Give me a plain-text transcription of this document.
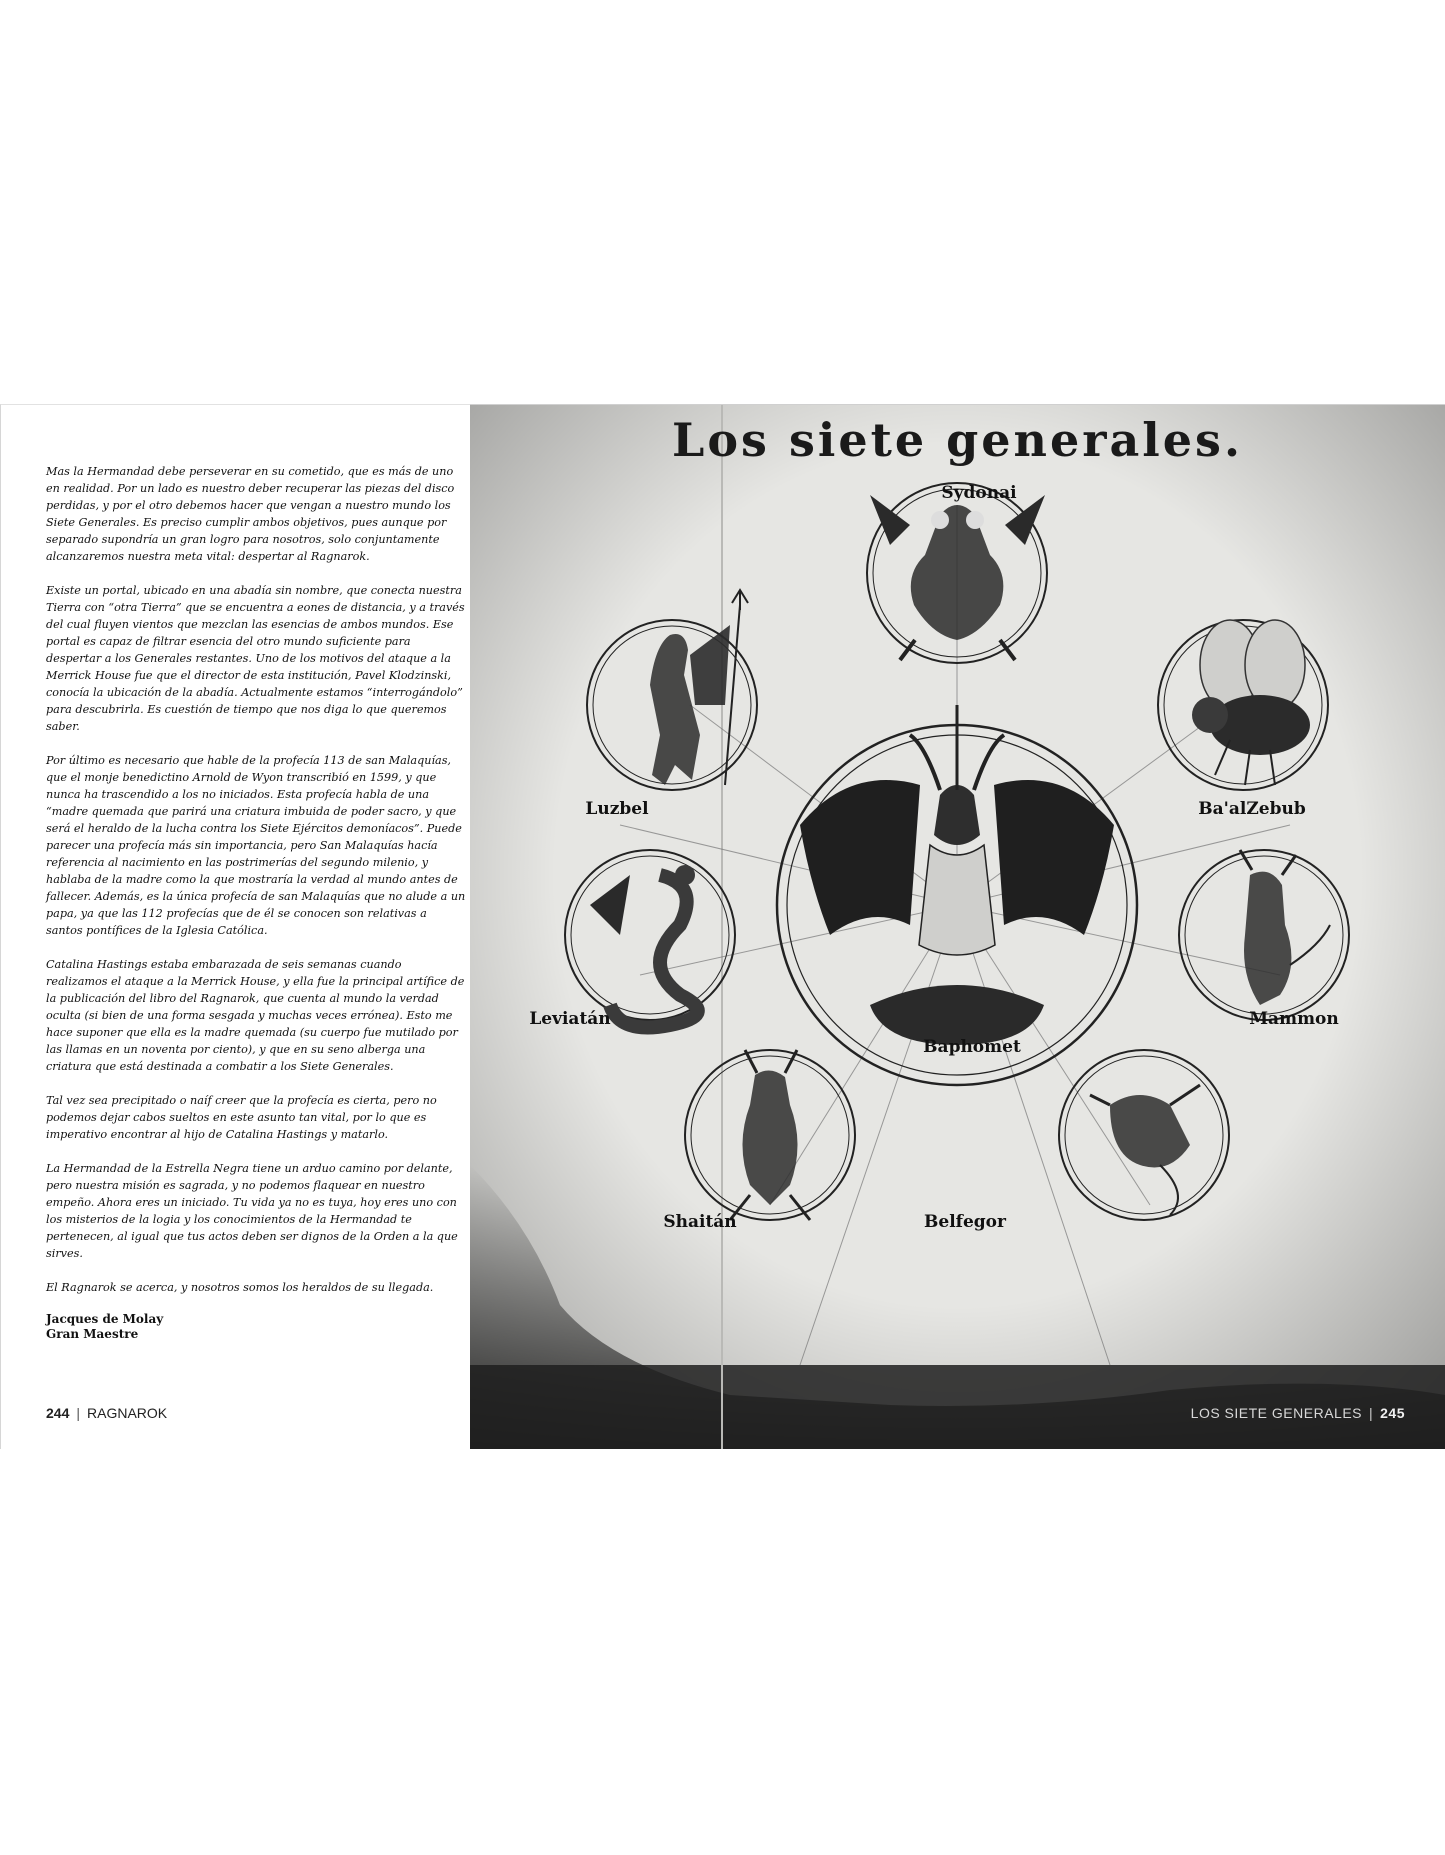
Mas la Hermandad debe perseverar en su cometido, que es más de uno en realidad. Por un lado es nuestro deber recuperar las piezas del disco perdidas, y por el otro debemos hacer que vengan a nuestro mundo los Siete Generales. Es preciso cumplir ambos objetivos, pues aunque por separado supondría un gran logro para nosotros, solo conjuntamente alcanzaremos nuestra meta vital: despertar al Ragnarok.

Existe un portal, ubicado en una abadía sin nombre, que conecta nuestra Tierra con “otra Tierra” que se encuentra a eones de distancia, y a través del cual fluyen vientos que mezclan las esencias de ambos mundos. Ese portal es capaz de filtrar esencia del otro mundo suficiente para despertar a los Generales restantes. Uno de los motivos del ataque a la Merrick House fue que el director de esta institución, Pavel Klodzinski, conocía la ubicación de la abadía. Actualmente estamos “interrogándolo” para descubrirla. Es cuestión de tiempo que nos diga lo que queremos saber.

Por último es necesario que hable de la profecía 113 de san Malaquías, que el monje benedictino Arnold de Wyon transcribió en 1599, y que nunca ha trascendido a los no iniciados. Esta profecía habla de una “madre quemada que parirá una criatura imbuida de poder sacro, y que será el heraldo de la lucha contra los Siete Ejércitos demoníacos”. Puede parecer una profecía más sin importancia, pero San Malaquías hacía referencia al nacimiento en las postrimerías del segundo milenio, y hablaba de la madre como la que mostraría la verdad al mundo antes de fallecer. Además, es la única profecía de san Malaquías que no alude a un papa, ya que las 112 profecías que de él se conocen son relativas a santos pontífices de la Iglesia Católica.

Catalina Hastings estaba embarazada de seis semanas cuando realizamos el ataque a la Merrick House, y ella fue la principal artífice de la publicación del libro del Ragnarok, que cuenta al mundo la verdad oculta (si bien de una forma sesgada y muchas veces errónea). Esto me hace suponer que ella es la madre quemada (su cuerpo fue mutilado por las llamas en un noventa por ciento), y que en su seno alberga una criatura que está destinada a combatir a los Siete Generales.

Tal vez sea precipitado o naíf creer que la profecía es cierta, pero no podemos dejar cabos sueltos en este asunto tan vital, por lo que es imperativo encontrar al hijo de Catalina Hastings y matarlo.

La Hermandad de la Estrella Negra tiene un arduo camino por delante, pero nuestra misión es sagrada, y no podemos flaquear en nuestro empeño. Ahora eres un iniciado. Tu vida ya no es tuya, hoy eres uno con los misterios de la logia y los conocimientos de la Hermandad te pertenecen, al igual que tus actos deben ser dignos de la Orden a la que sirves.

El Ragnarok se acerca, y nosotros somos los heraldos de su llegada.

Jacques de Molay
Gran Maestre
244 | RAGNAROK
Los siete generales.
Sydonai
Luzbel	Ba'alZebub
Baphomet
Leviatán	Mammon
Shaitán	Belfegor
LOS SIETE GENERALES | 245
